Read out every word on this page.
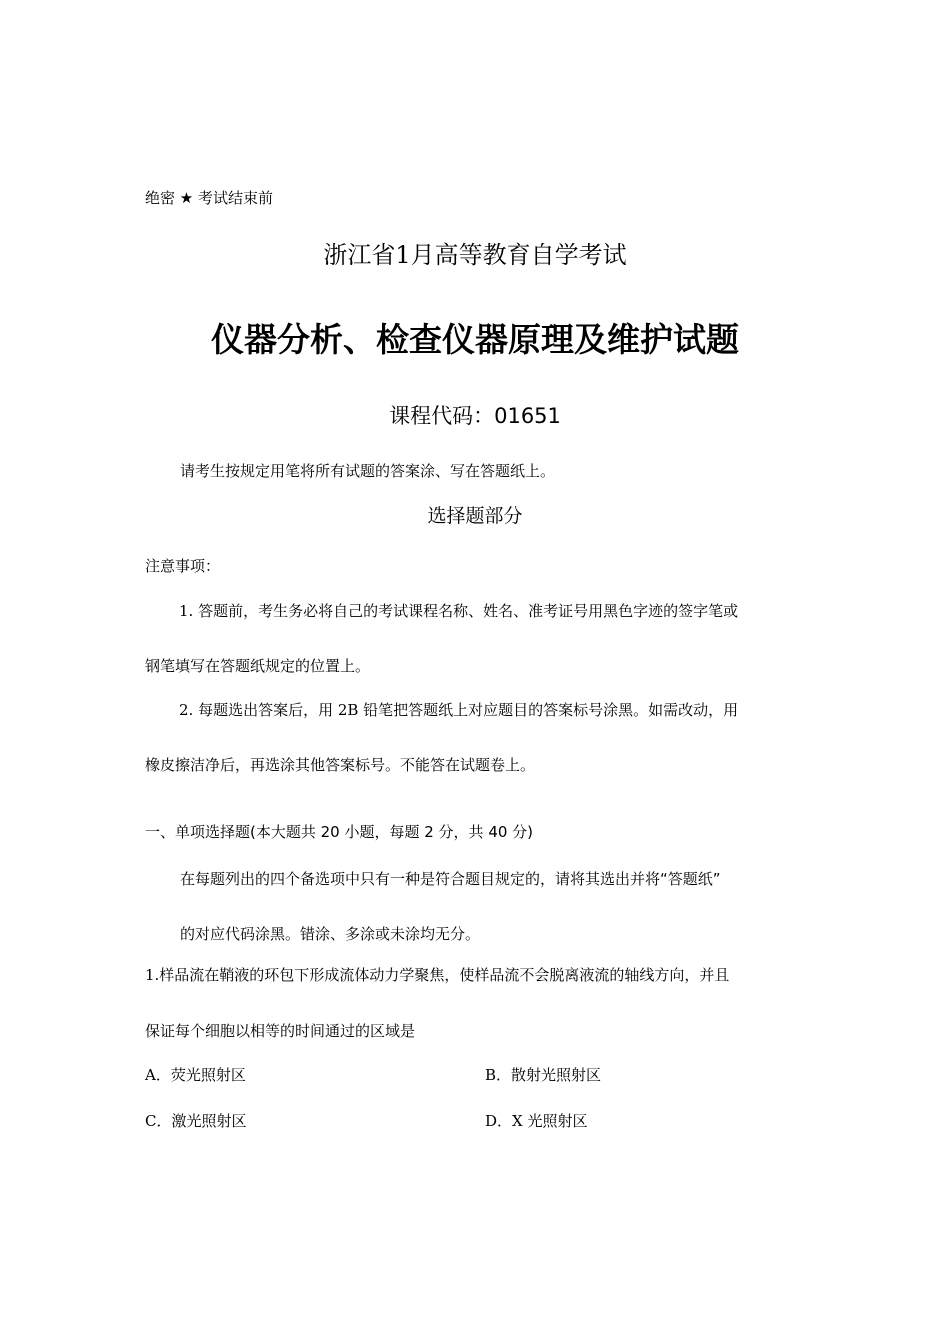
绝密 ★ 考试结束前
浙江省1月高等教育自学考试
仪器分析、检查仪器原理及维护试题
课程代码：01651
请考生按规定用笔将所有试题的答案涂、写在答题纸上。
选择题部分
注意事项：
1. 答题前，考生务必将自己的考试课程名称、姓名、准考证号用黑色字迹的签字笔或
钢笔填写在答题纸规定的位置上。
2. 每题选出答案后，用 2B 铅笔把答题纸上对应题目的答案标号涂黑。如需改动，用
橡皮擦洁净后，再选涂其他答案标号。不能答在试题卷上。
一、单项选择题(本大题共 20 小题，每题 2 分，共 40 分)
在每题列出的四个备选项中只有一种是符合题目规定的，请将其选出并将“答题纸”
的对应代码涂黑。错涂、多涂或未涂均无分。
1.样品流在鞘液的环包下形成流体动力学聚焦，使样品流不会脱离液流的轴线方向，并且
保证每个细胞以相等的时间通过的区域是
A．荧光照射区	B．散射光照射区
C．激光照射区	D．X 光照射区
